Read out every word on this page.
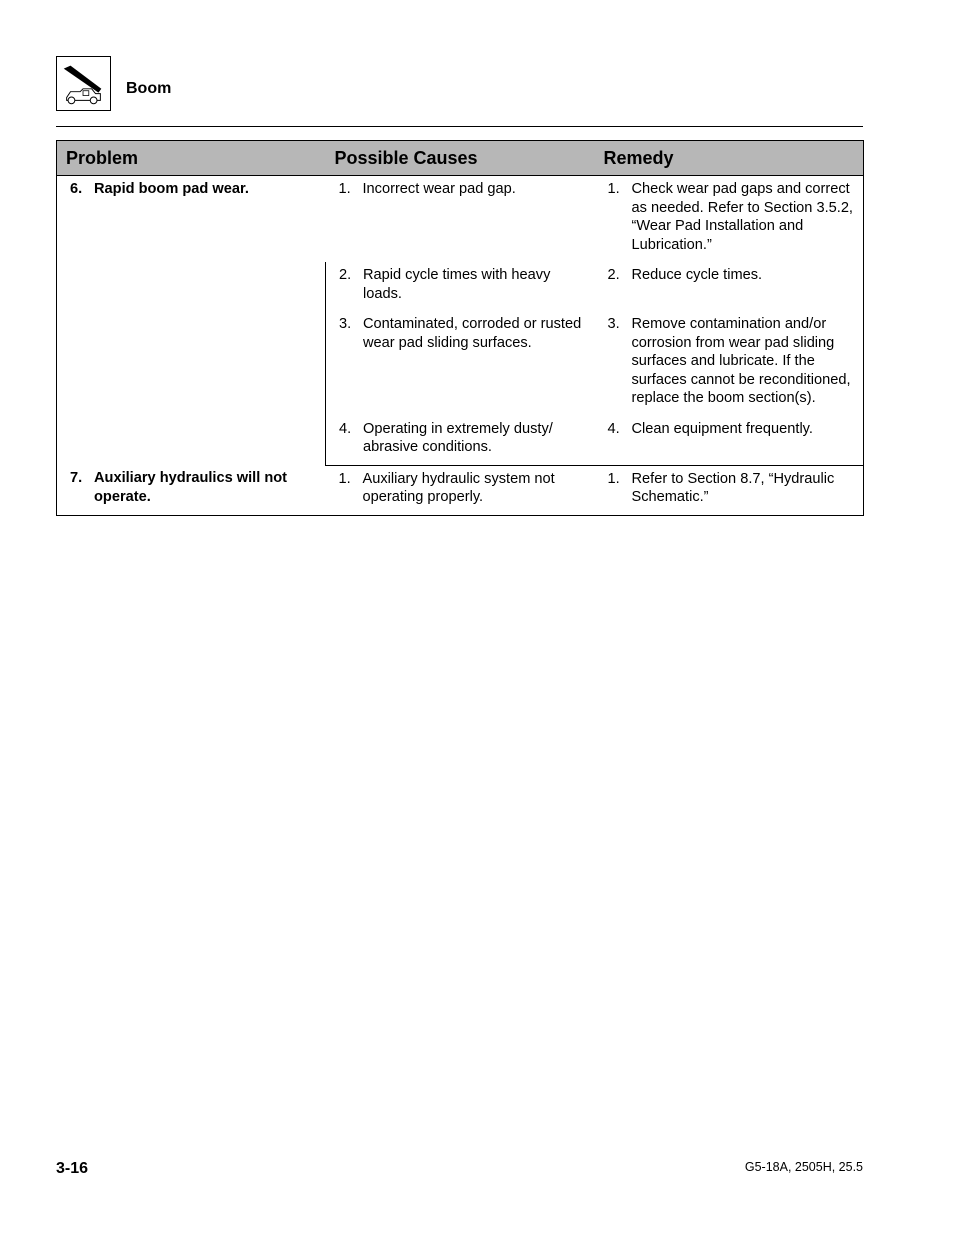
Boom
Problem	Possible Causes	Remedy

6. Rapid boom pad wear.	1. Incorrect wear pad gap.	1. Check wear pad gaps and correct as needed. Refer to Section 3.5.2, “Wear Pad Installation and Lubrication.”

	2. Rapid cycle times with heavy loads.	2. Reduce cycle times.

	3. Contaminated, corroded or rusted wear pad sliding surfaces.	3. Remove contamination and/or corrosion from wear pad sliding surfaces and lubricate. If the surfaces cannot be reconditioned, replace the boom section(s).

	4. Operating in extremely dusty/ abrasive conditions.	4. Clean equipment frequently.

7. Auxiliary hydraulics will not operate.	1. Auxiliary hydraulic system not operating properly.	1. Refer to Section 8.7, “Hydraulic Schematic.”
3-16	G5-18A, 2505H, 25.5
